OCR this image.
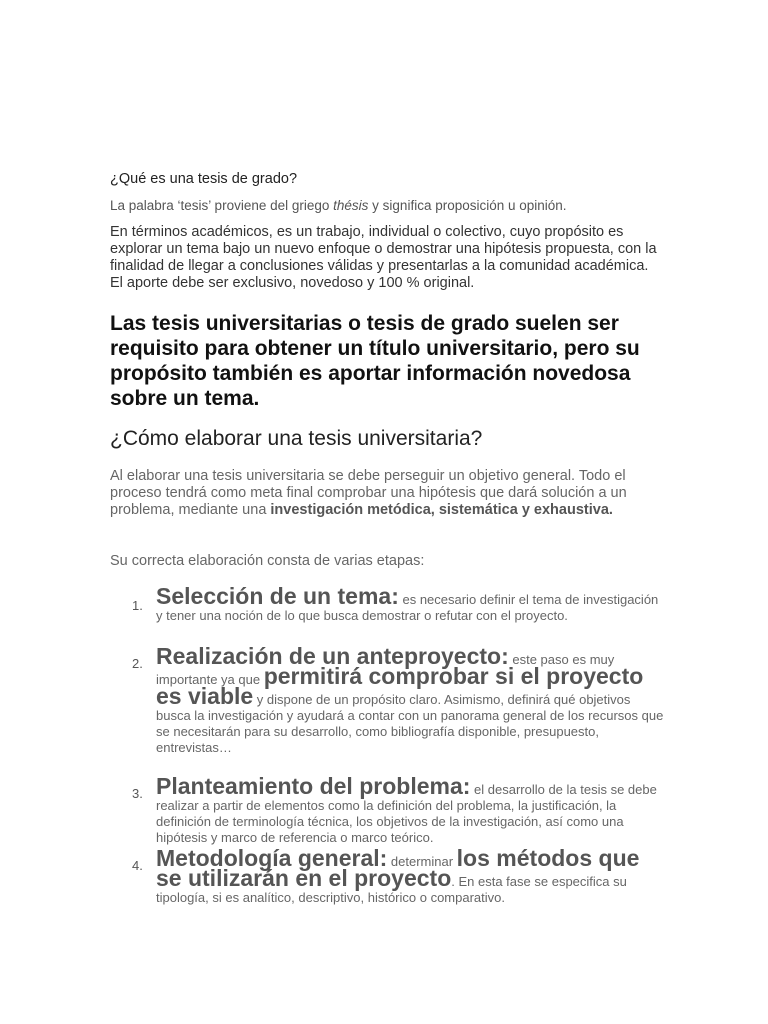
¿Qué es una tesis de grado?

La palabra ‘tesis’ proviene del griego thésis y significa proposición u opinión.

En términos académicos, es un trabajo, individual o colectivo, cuyo propósito es explorar un tema bajo un nuevo enfoque o demostrar una hipótesis propuesta, con la finalidad de llegar a conclusiones válidas y presentarlas a la comunidad académica. El aporte debe ser exclusivo, novedoso y 100 % original.

Las tesis universitarias o tesis de grado suelen ser requisito para obtener un título universitario, pero su propósito también es aportar información novedosa sobre un tema.
¿Cómo elaborar una tesis universitaria?

Al elaborar una tesis universitaria se debe perseguir un objetivo general. Todo el proceso tendrá como meta final comprobar una hipótesis que dará solución a un problema, mediante una investigación metódica, sistemática y exhaustiva.

Su correcta elaboración consta de varias etapas:

1. Selección de un tema: es necesario definir el tema de investigación y tener una noción de lo que busca demostrar o refutar con el proyecto.
2. Realización de un anteproyecto: este paso es muy importante ya que permitirá comprobar si el proyecto es viable y dispone de un propósito claro. Asimismo, definirá qué objetivos busca la investigación y ayudará a contar con un panorama general de los recursos que se necesitarán para su desarrollo, como bibliografía disponible, presupuesto, entrevistas…
3. Planteamiento del problema: el desarrollo de la tesis se debe realizar a partir de elementos como la definición del problema, la justificación, la definición de terminología técnica, los objetivos de la investigación, así como una hipótesis y marco de referencia o marco teórico.
4. Metodología general: determinar los métodos que se utilizarán en el proyecto. En esta fase se especifica su tipología, si es analítico, descriptivo, histórico o comparativo.
